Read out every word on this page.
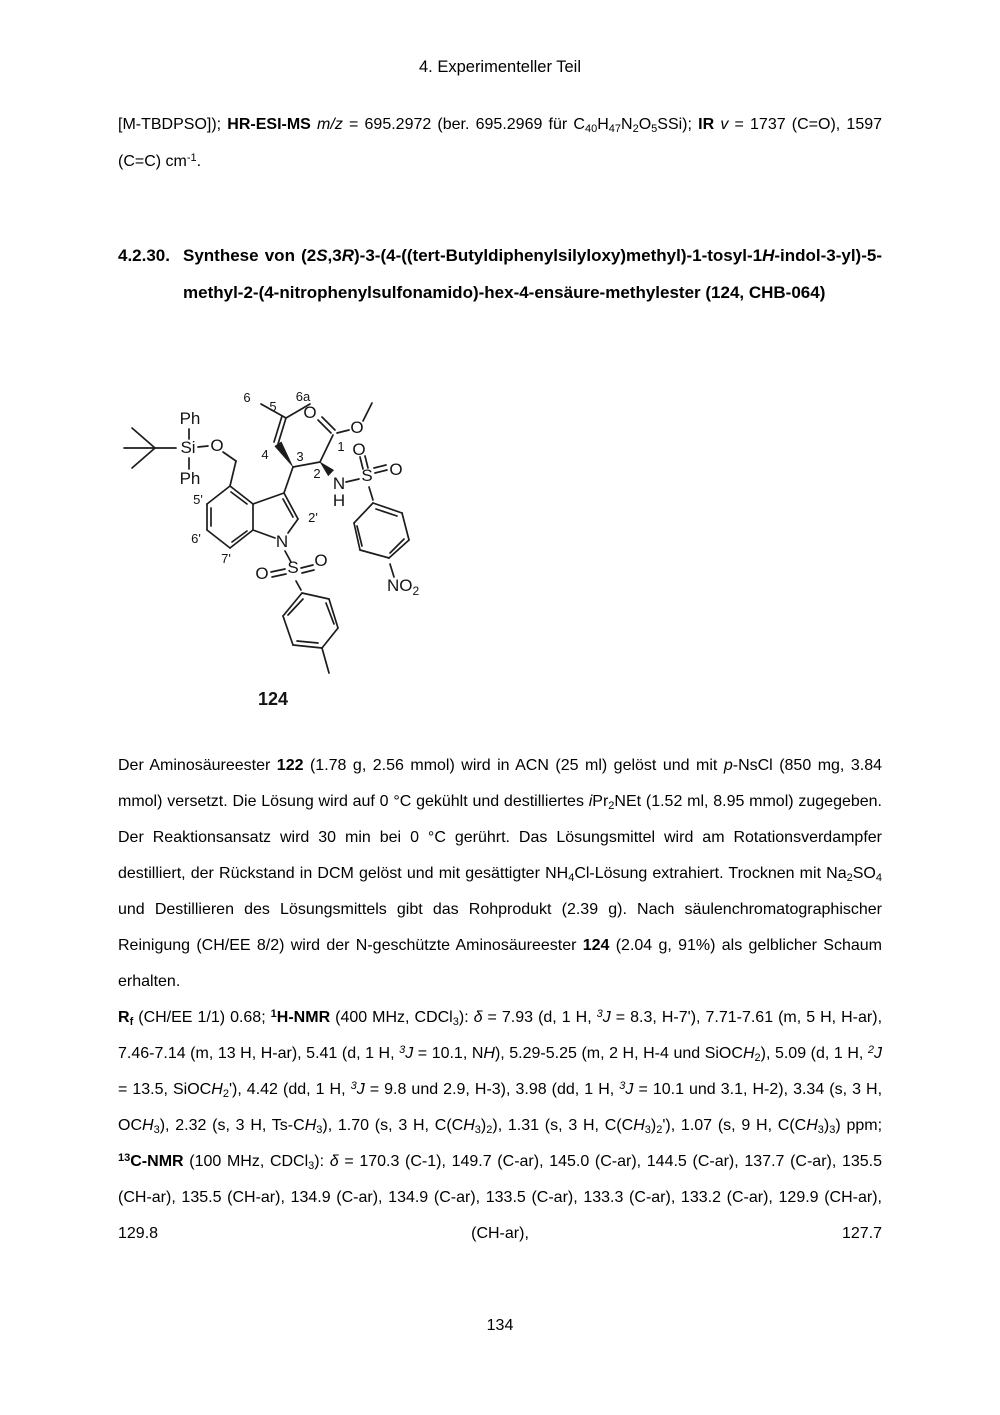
4. Experimenteller Teil
[M-TBDPSO]); HR-ESI-MS m/z = 695.2972 (ber. 695.2969 für $C_{40}H_{47}N_2O_5SSi$); IR v = 1737 (C=O), 1597 (C=C) $cm^{-1}$.
4.2.30. Synthese von (2S,3R)-3-(4-((tert-Butyldiphenylsilyloxy)methyl)-1-tosyl-1H-indol-3-yl)-5-methyl-2-(4-nitrophenylsulfonamido)-hex-4-ensäure-methylester (124, CHB-064)
Ph
Si O
Ph
6
5
6a
O
O
1
4 3
2
N
H
S
O
O
$NO_2$
5'
6'
7'
2'
N
S
O
O
124
Der Aminosäureester 122 (1.78 g, 2.56 mmol) wird in ACN (25 ml) gelöst und mit p-NsCl (850 mg, 3.84 mmol) versetzt. Die Lösung wird auf 0 °C gekühlt und destilliertes iPr$_2$NEt (1.52 ml, 8.95 mmol) zugegeben. Der Reaktionsansatz wird 30 min bei 0 °C gerührt. Das Lösungsmittel wird am Rotationsverdampfer destilliert, der Rückstand in DCM gelöst und mit gesättigter $NH_4Cl$-Lösung extrahiert. Trocknen mit $Na_2SO_4$ und Destillieren des Lösungsmittels gibt das Rohprodukt (2.39 g). Nach säulenchromatographischer Reinigung (CH/EE 8/2) wird der N-geschützte Aminosäureester 124 (2.04 g, 91%) als gelblicher Schaum erhalten.
$R_f$ (CH/EE 1/1) 0.68; $^1$H-NMR (400 MHz, CDCl$_3$): δ = 7.93 (d, 1 H, $^3$J = 8.3, H-7'), 7.71-7.61 (m, 5 H, H-ar), 7.46-7.14 (m, 13 H, H-ar), 5.41 (d, 1 H, $^3$J = 10.1, NH), 5.29-5.25 (m, 2 H, H-4 und SiOCH$_2$), 5.09 (d, 1 H, $^2$J = 13.5, SiOCH$_2$'), 4.42 (dd, 1 H, $^3$J = 9.8 und 2.9, H-3), 3.98 (dd, 1 H, $^3$J = 10.1 und 3.1, H-2), 3.34 (s, 3 H, $OCH_3$), 2.32 (s, 3 H, $Ts-CH_3$), 1.70 (s, 3 H, $C(CH_3)_2$), 1.31 (s, 3 H, $C(CH_3)_2'$), 1.07 (s, 9 H, $C(CH_3)_3$) ppm; $^{13}$C-NMR (100 MHz, CDCl$_3$): δ = 170.3 (C-1), 149.7 (C-ar), 145.0 (C-ar), 144.5 (C-ar), 137.7 (C-ar), 135.5 (CH-ar), 135.5 (CH-ar), 134.9 (C-ar), 134.9 (C-ar), 133.5 (C-ar), 133.3 (C-ar), 133.2 (C-ar), 129.9 (CH-ar), 129.8 (CH-ar), 127.7
134
